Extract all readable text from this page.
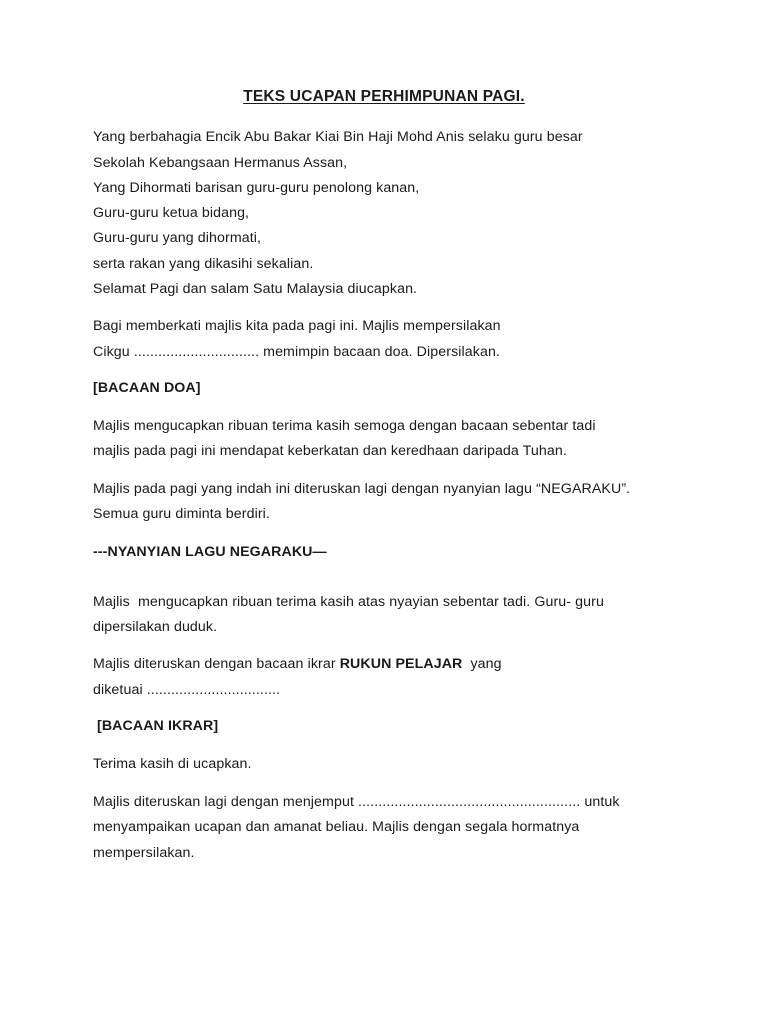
TEKS UCAPAN PERHIMPUNAN PAGI.
Yang berbahagia Encik Abu Bakar Kiai Bin Haji Mohd Anis selaku guru besar
Sekolah Kebangsaan Hermanus Assan,
Yang Dihormati barisan guru-guru penolong kanan,
Guru-guru ketua bidang,
Guru-guru yang dihormati,
serta rakan yang dikasihi sekalian.
Selamat Pagi dan salam Satu Malaysia diucapkan.
Bagi memberkati majlis kita pada pagi ini. Majlis mempersilakan
Cikgu ............................... memimpin bacaan doa. Dipersilakan.
[BACAAN DOA]
Majlis mengucapkan ribuan terima kasih semoga dengan bacaan sebentar tadi
majlis pada pagi ini mendapat keberkatan dan keredhaan daripada Tuhan.
Majlis pada pagi yang indah ini diteruskan lagi dengan nyanyian lagu “NEGARAKU”.
Semua guru diminta berdiri.
---NYANYIAN LAGU NEGARAKU—
Majlis  mengucapkan ribuan terima kasih atas nyayian sebentar tadi. Guru- guru
dipersilakan duduk.
Majlis diteruskan dengan bacaan ikrar RUKUN PELAJAR  yang
diketuai .................................
[BACAAN IKRAR]
Terima kasih di ucapkan.
Majlis diteruskan lagi dengan menjemput ....................................................... untuk
menyampaikan ucapan dan amanat beliau. Majlis dengan segala hormatnya
mempersilakan.
